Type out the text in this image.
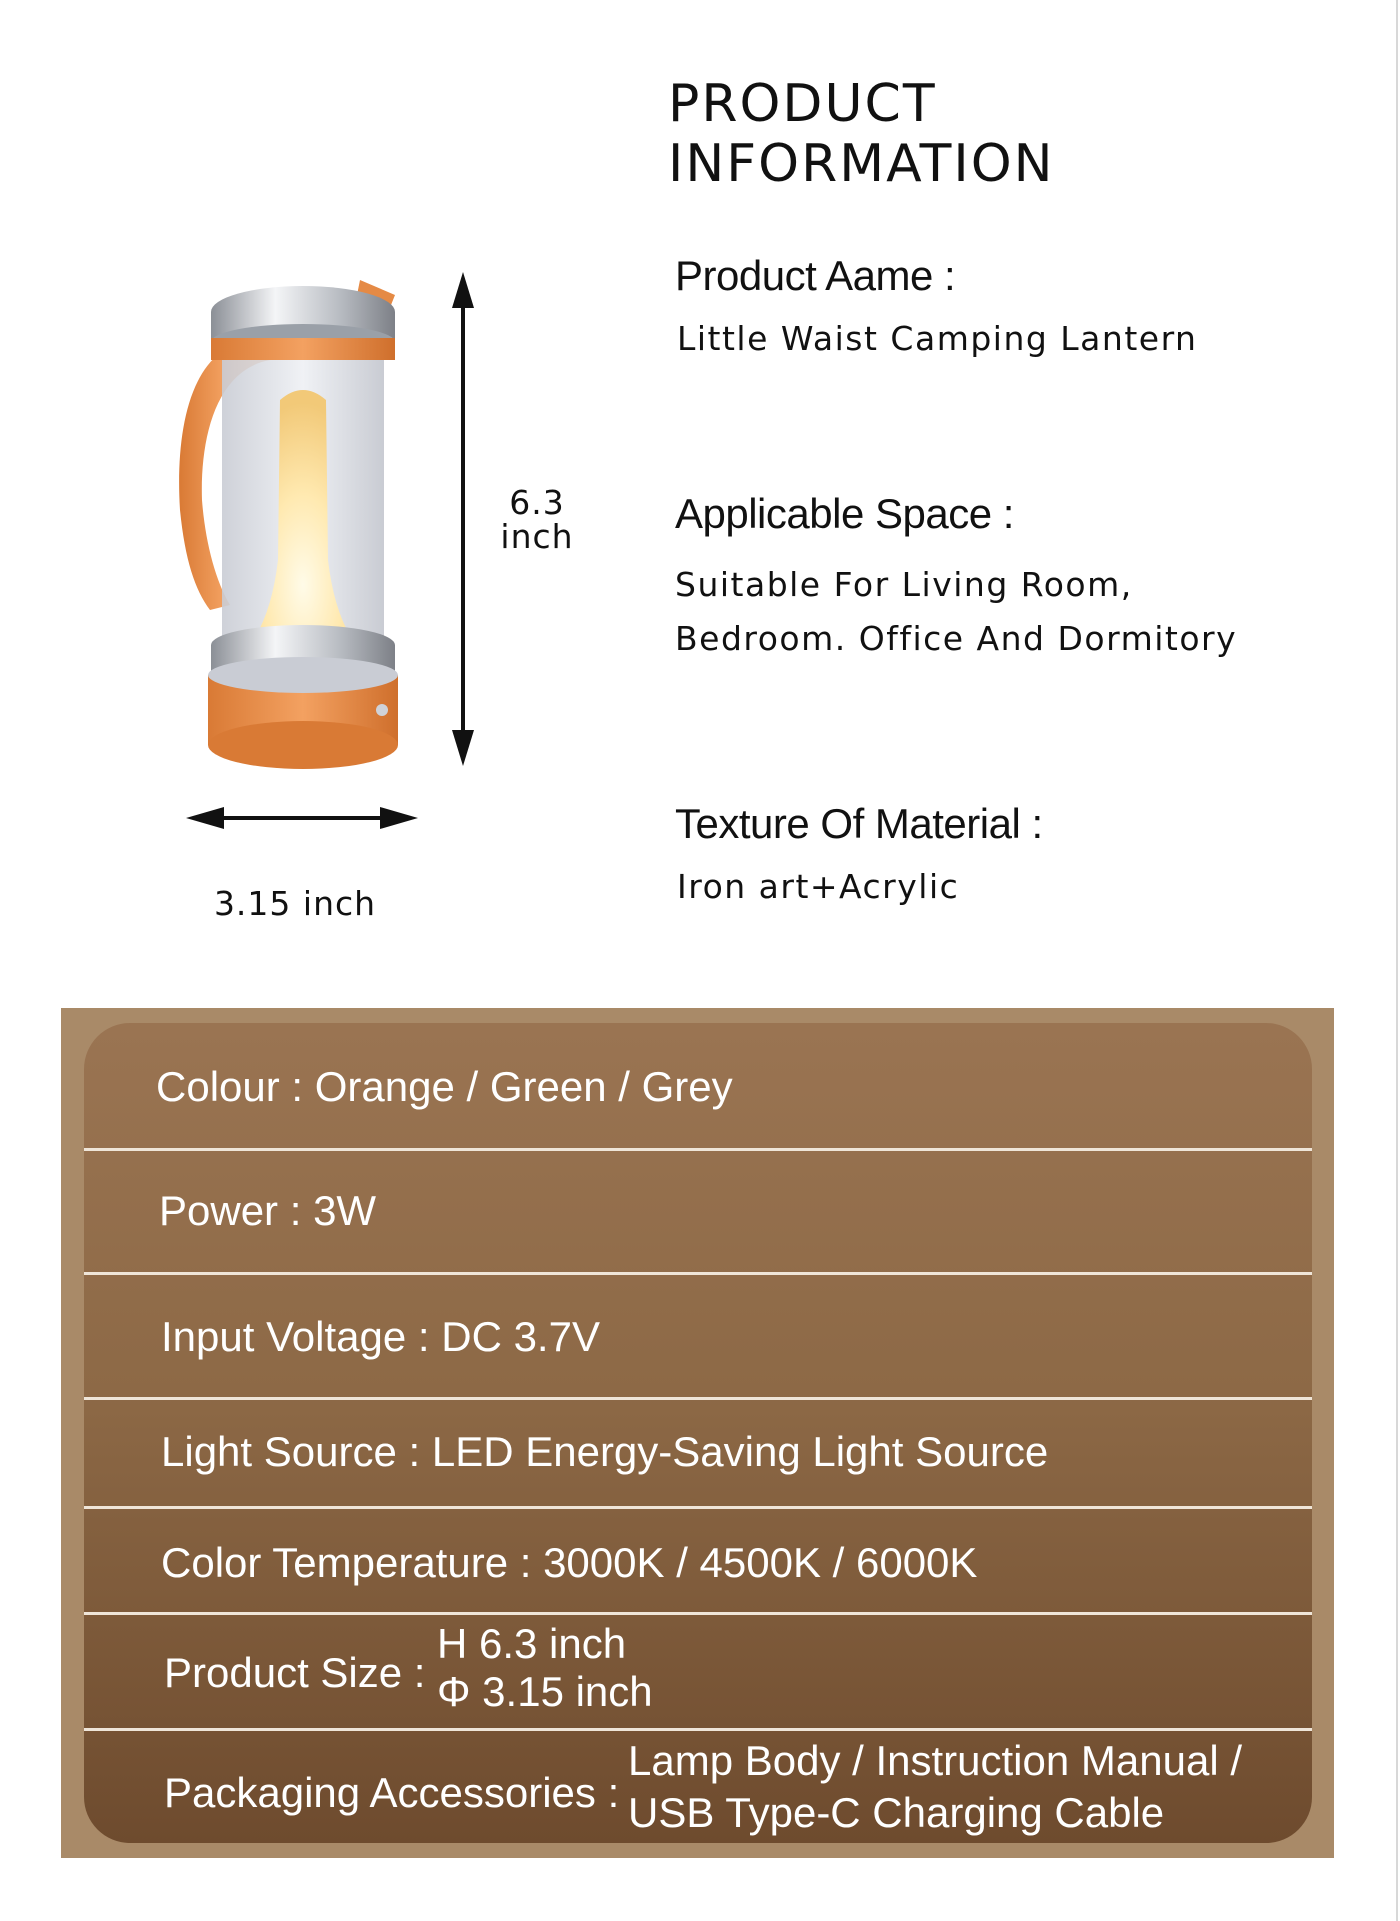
PRODUCT
INFORMATION
Product Aame :
Little Waist Camping Lantern
Applicable Space :
Suitable For Living Room,
Bedroom. Office And Dormitory
Texture Of Material :
Iron art+Acrylic
6.3
inch
3.15 inch
Colour : Orange / Green / Grey
Power : 3W
Input Voltage : DC 3.7V
Light Source : LED Energy-Saving Light Source
Color Temperature : 3000K / 4500K / 6000K
Product Size :
H 6.3 inch
Φ 3.15 inch
Packaging Accessories :
Lamp Body / Instruction Manual /
USB Type-C Charging Cable
